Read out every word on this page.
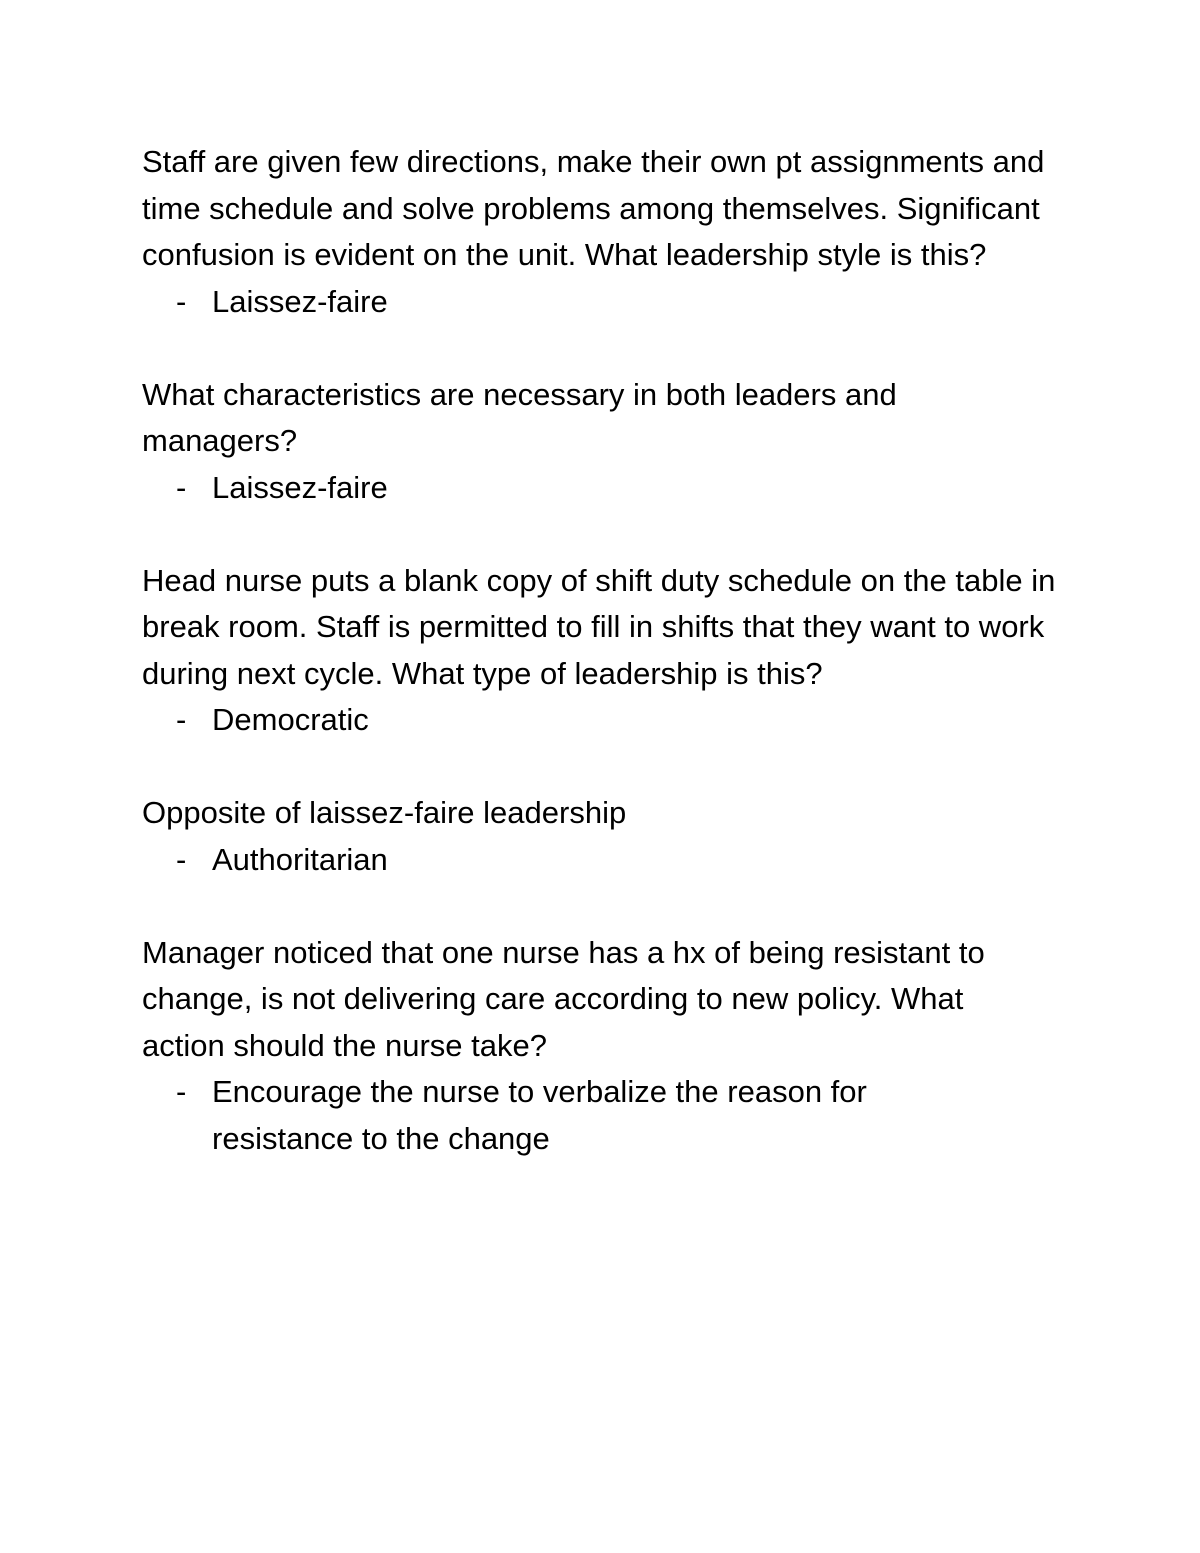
Staff are given few directions, make their own pt assignments and time schedule and solve problems among themselves. Significant confusion is evident on the unit. What leadership style is this?

- Laissez-faire

What characteristics are necessary in both leaders and managers?

- Laissez-faire

Head nurse puts a blank copy of shift duty schedule on the table in break room. Staff is permitted to fill in shifts that they want to work during next cycle. What type of leadership is this?

- Democratic

Opposite of laissez-faire leadership

- Authoritarian

Manager noticed that one nurse has a hx of being resistant to change, is not delivering care according to new policy. What action should the nurse take?

- Encourage the nurse to verbalize the reason for resistance to the change
